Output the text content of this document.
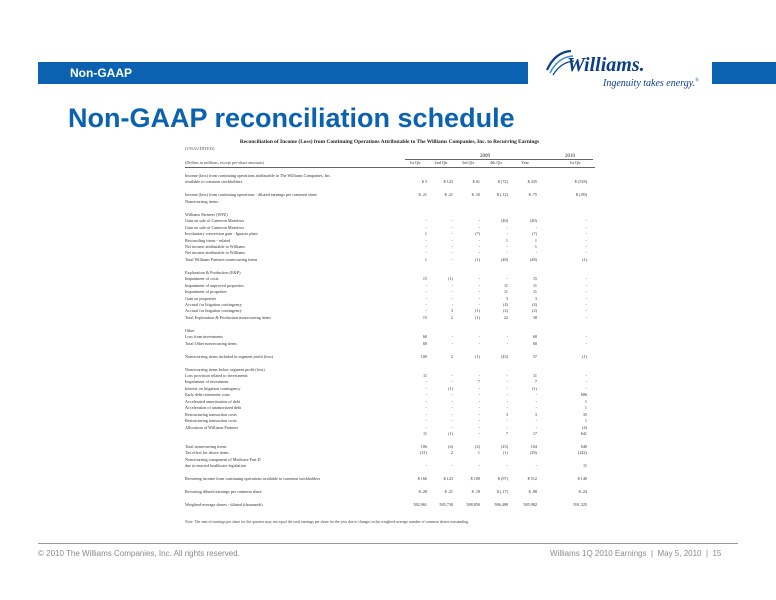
Non-GAAP	Williams.
Ingenuity takes energy.®
Non-GAAP reconciliation schedule
Reconciliation of Income (Loss) from Continuing Operations Attributable to The Williams Companies, Inc. to Recurring Earnings
(UNAUDITED)
2009	2010
(Dollars in millions, except per-share amounts)	1st Qtr	2nd Qtr	3rd Qtr	4th Qtr	Year	1st Qtr
Income (loss) from continuing operations attributable to The Williams Companies, Inc.
available to common stockholders	$ 3	$ 123	$ 61	$ (72)	$ 435	$ (518)
Income (loss) from continuing operations - diluted earnings per common share	$ .21	$ .21	$ .10	$ (.12)	$ .75	$ (.89)
Nonrecurring items:
Williams Partners (WPZ)
Gain on sale of Cameron Meadows	-	-	-	(40)	(40)	-
Gain on sale of Cameron Meadows	-	-	-	-	-	-
Involuntary conversion gain - Ignacio plant	1	-	(7)	-	(7)	-
Reconciling items - related	-	-	-	1	1	-
Net income attributable to Williams	-	-	-	-	1	-
Net income attributable to Williams	-	-	-	-	-	-
Total Williams Partners nonrecurring items	1	-	(1)	(48)	(48)	(1)
Exploration & Production (E&P)
Impairment of costs	15	(1)	-	-	15	-
Impairment of unproved properties	-	-	-	11	11	-
Impairment of properties	-	-	-	11	11	-
Gain on properties	-	-	-	3	3	-
Accrual for litigation contingency	-	-	-	(4)	(4)	-
Accrual for litigation contingency	-	3	(1)	(2)	(2)	-
Total Exploration & Production nonrecurring items	15	2	(1)	22	38	-
Other
Loss from investments	60	-	-	-	60	-
Total Other nonrecurring items	60	-	-	-	60	-
Nonrecurring items included in segment profit (loss)	100	2	(1)	(43)	57	(1)
Nonrecurring items below segment profit (loss)
Loss provision related to investments	11	-	-	-	11	-
Impairment of investment	-	-	7	-	7	-
Interest on litigation contingency	-	(1)	-	-	(1)	-
Early debt retirement costs	-	-	-	-	-	606
Accelerated amortization of debt	-	-	-	-	-	1
Acceleration of unamortized debt	-	-	-	-	-	1
Restructuring transaction costs	-	-	-	3	3	35
Restructuring transaction costs	-	-	-	-	-	1
Allocation of Williams Partners	-	-	-	-	-	(4)
11	(1)	-	7	17	641
Total nonrecurring items	106	(4)	(2)	(23)	104	640
Tax effect for above items	(31)	2	1	(1)	(29)	(242)
Nonrecurring component of Medicare Part D
due to enacted healthcare legislation	-	-	-	-	-	11
Recurring income from continuing operations available to common stockholders	$ 166	$ 123	$ 100	$ (97)	$ 512	$ 140
Recurring diluted earnings per common share	$ .28	$ .21	$ .18	$ (.17)	$ .88	$ .24
Weighted-average shares - diluted (thousands)	582,961	585,730	588,850	586,409	585,982	591,325
Note: The sum of earnings per share for the quarters may not equal the total earnings per share for the year due to changes in the weighted-average number of common shares outstanding.
© 2010 The Williams Companies, Inc. All rights reserved.	Williams 1Q 2010 Earnings | May 5, 2010 | 15
